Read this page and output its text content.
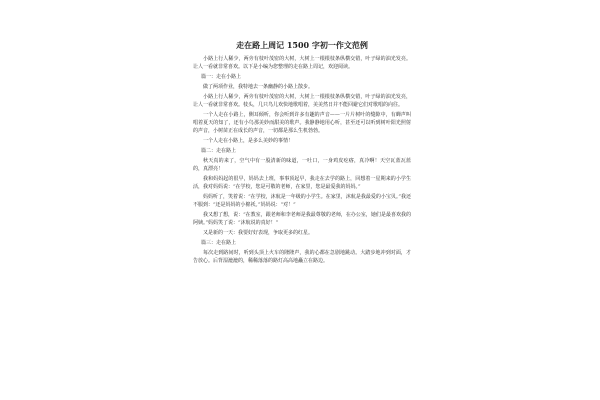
走在路上周记 1500 字初一作文范例

小路上行人稀少，两旁有枝叶茂密的大树，大树上一根根枝条纵横交错，叶子绿的油光发亮。让人一看就非常喜欢。以下是小编为您整理的走在路上周记，欢迎阅读。

篇一：走在小路上

做了两项作业，我特地去一条幽静的小路上散步。

小路上行人稀少，两旁有枝叶茂密的大树，大树上一根根枝条纵横交错，叶子绿的油光发亮，让人一看就非常喜欢。枝头，几只鸟儿欢快地歌唱着，美美然日并不能回避它们对歌唱的向往。

一个人走在小路上，侧耳倾听，你会听到许多有趣的声音——一片片树叶的缝隙中，有蝉声叫唱着夏天的知了，还有小鸟那美妙而甜美的歌声。我静静地用心听，甚至还可以听到树叶阳光照射的声音，小树苗正在成长的声音，一切都是那么生机勃勃。

一个人走在小路上，是多么美妙的事情！

篇二：走在路上

秋天真的来了，空气中有一股清新的味道，一吐口，一身鸡皮疙瘩，真冷啊！天空瓦蓝瓦蓝的，真漂亮！

我和妈妈起的很早，妈妈去上班，事事顶起早，我走在去学的路上，回想着一星期来的小学生活，我对妈妈说：“在学校，您是可敬的老师，在家里，您是最爱我的妈妈。”

妈妈听了，笑着说：“在学校，沐航是一年级的小学生。在家里，沐航是我最爱的小宝贝。”我还不服到：“还是妈妈的小棉袄。”妈妈说：“对！”

我又想了想，说：“在教室，跟老师和李老师是我最尊敬的老师，在办公室，她们是最喜欢我的阿姨。”妈妈笑了说：“沐航说的真好！”

又是新的一天：我要好好表现，争取更多的红星。

篇三：走在路上

每次走到路间时，听到头顶上火车的隆隆声，我的心都在急剧地跳动。大踏步地冲到对面，才告放心。后背湿漉漉的，稀稀落落的路灯高高地矗立在路边。
